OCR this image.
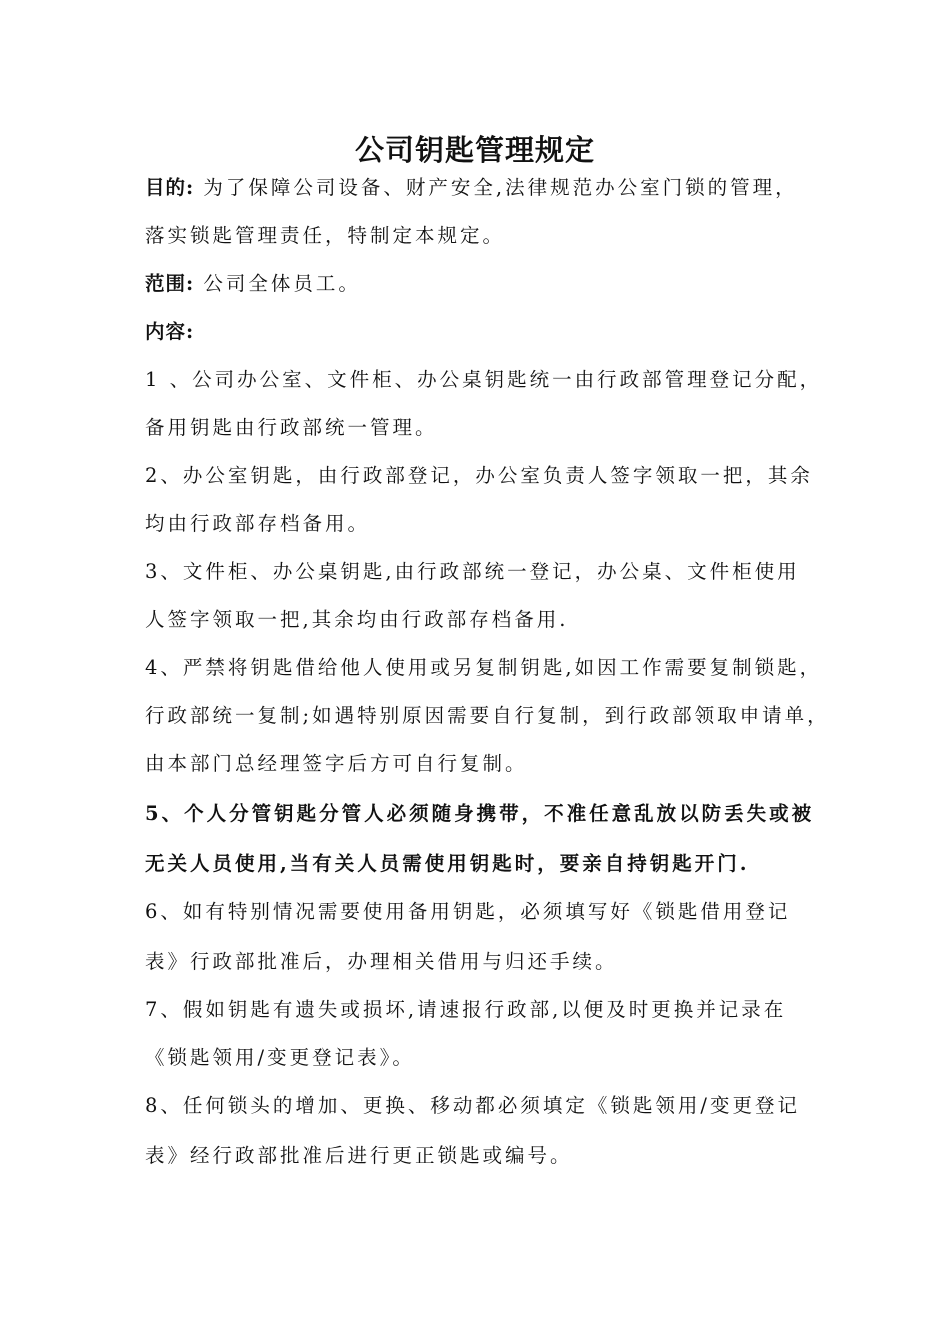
公司钥匙管理规定
目的: 为了保障公司设备、财产安全,法律规范办公室门锁的管理，
落实锁匙管理责任，特制定本规定。
范围: 公司全体员工。
内容:
1 、公司办公室、文件柜、办公桌钥匙统一由行政部管理登记分配，
备用钥匙由行政部统一管理。
2、办公室钥匙，由行政部登记，办公室负责人签字领取一把，其余
均由行政部存档备用。
3、文件柜、办公桌钥匙,由行政部统一登记，办公桌、文件柜使用
人签字领取一把,其余均由行政部存档备用.
4、严禁将钥匙借给他人使用或另复制钥匙,如因工作需要复制锁匙，
行政部统一复制;如遇特别原因需要自行复制，到行政部领取申请单，
由本部门总经理签字后方可自行复制。
5、个人分管钥匙分管人必须随身携带，不准任意乱放以防丢失或被
无关人员使用,当有关人员需使用钥匙时，要亲自持钥匙开门.
6、如有特别情况需要使用备用钥匙，必须填写好《锁匙借用登记
表》行政部批准后，办理相关借用与归还手续。
7、假如钥匙有遗失或损坏,请速报行政部,以便及时更换并记录在
《锁匙领用/变更登记表》。
8、任何锁头的增加、更换、移动都必须填定《锁匙领用/变更登记
表》经行政部批准后进行更正锁匙或编号。
